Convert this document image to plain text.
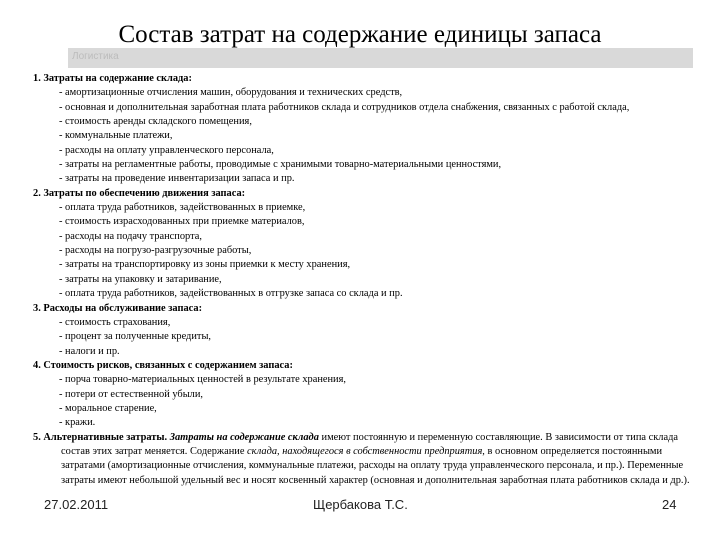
Состав затрат на содержание единицы запаса
Логистика
1. Затраты на содержание склада:
- амортизационные отчисления машин, оборудования и технических средств,
- основная и дополнительная заработная плата работников склада и сотрудников отдела снабжения, связанных с работой склада,
- стоимость аренды складского помещения,
- коммунальные платежи,
- расходы на оплату управленческого персонала,
- затраты на регламентные работы, проводимые с хранимыми товарно-материальными ценностями,
- затраты на проведение инвентаризации запаса и пр.
2. Затраты по обеспечению движения запаса:
- оплата труда работников, задействованных в приемке,
- стоимость израсходованных при приемке материалов,
- расходы на подачу транспорта,
- расходы на погрузо-разгрузочные работы,
- затраты на транспортировку из зоны приемки к месту хранения,
- затраты на упаковку и затаривание,
- оплата труда работников, задействованных в отгрузке запаса со склада и пр.
3. Расходы на обслуживание запаса:
- стоимость страхования,
- процент за полученные кредиты,
- налоги и пр.
4. Стоимость рисков, связанных с содержанием запаса:
- порча товарно-материальных ценностей в результате хранения,
- потери от естественной убыли,
- моральное старение,
- кражи.
5. Альтернативные затраты. Затраты на содержание склада имеют постоянную и переменную составляющие. В зависимости от типа склада состав этих затрат меняется. Содержание склада, находящегося в собственности предприятия, в основном определяется постоянными затратами (амортизационные отчисления, коммунальные платежи, расходы на оплату труда управленческого персонала, и пр.). Переменные затраты имеют небольшой удельный вес и носят косвенный характер (основная и дополнительная заработная плата работников склада и др.).
27.02.2011	Щербакова Т.С.	24
